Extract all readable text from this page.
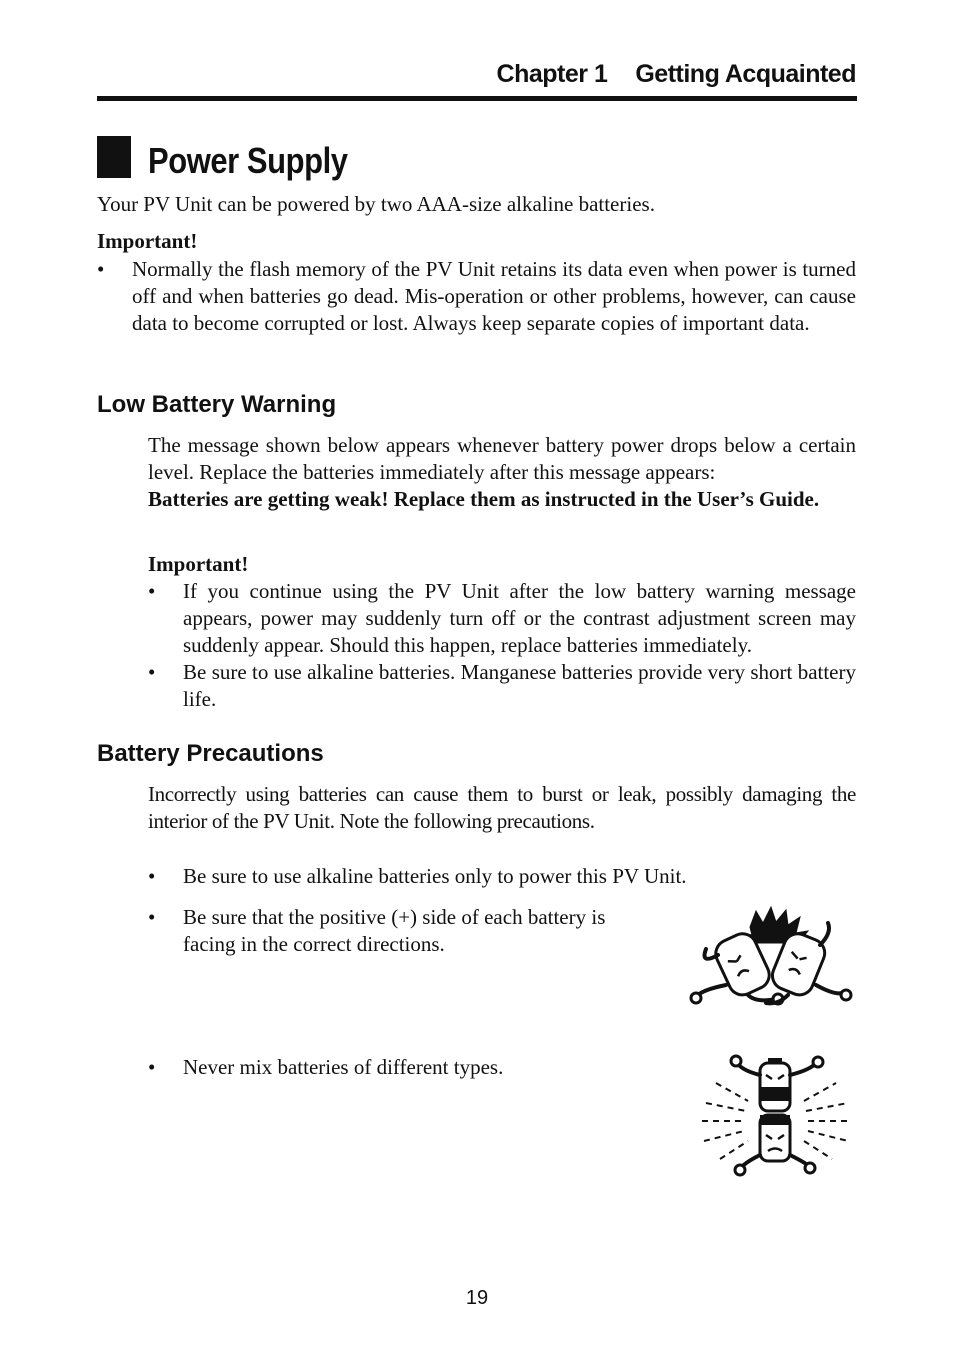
Chapter 1 Getting Acquainted
Power Supply
Your PV Unit can be powered by two AAA-size alkaline batteries.
Important!
• Normally the flash memory of the PV Unit retains its data even when power is turned off and when batteries go dead. Mis-operation or other problems, however, can cause data to become corrupted or lost. Always keep separate copies of important data.
Low Battery Warning
The message shown below appears whenever battery power drops below a certain level. Replace the batteries immediately after this message appears:
Batteries are getting weak! Replace them as instructed in the User’s Guide.
Important!
• If you continue using the PV Unit after the low battery warning message appears, power may suddenly turn off or the contrast adjustment screen may suddenly appear. Should this happen, replace batteries immediately.
• Be sure to use alkaline batteries. Manganese batteries provide very short battery life.
Battery Precautions
Incorrectly using batteries can cause them to burst or leak, possibly damaging the interior of the PV Unit. Note the following precautions.
• Be sure to use alkaline batteries only to power this PV Unit.
• Be sure that the positive (+) side of each battery is facing in the correct directions.
• Never mix batteries of different types.
19
